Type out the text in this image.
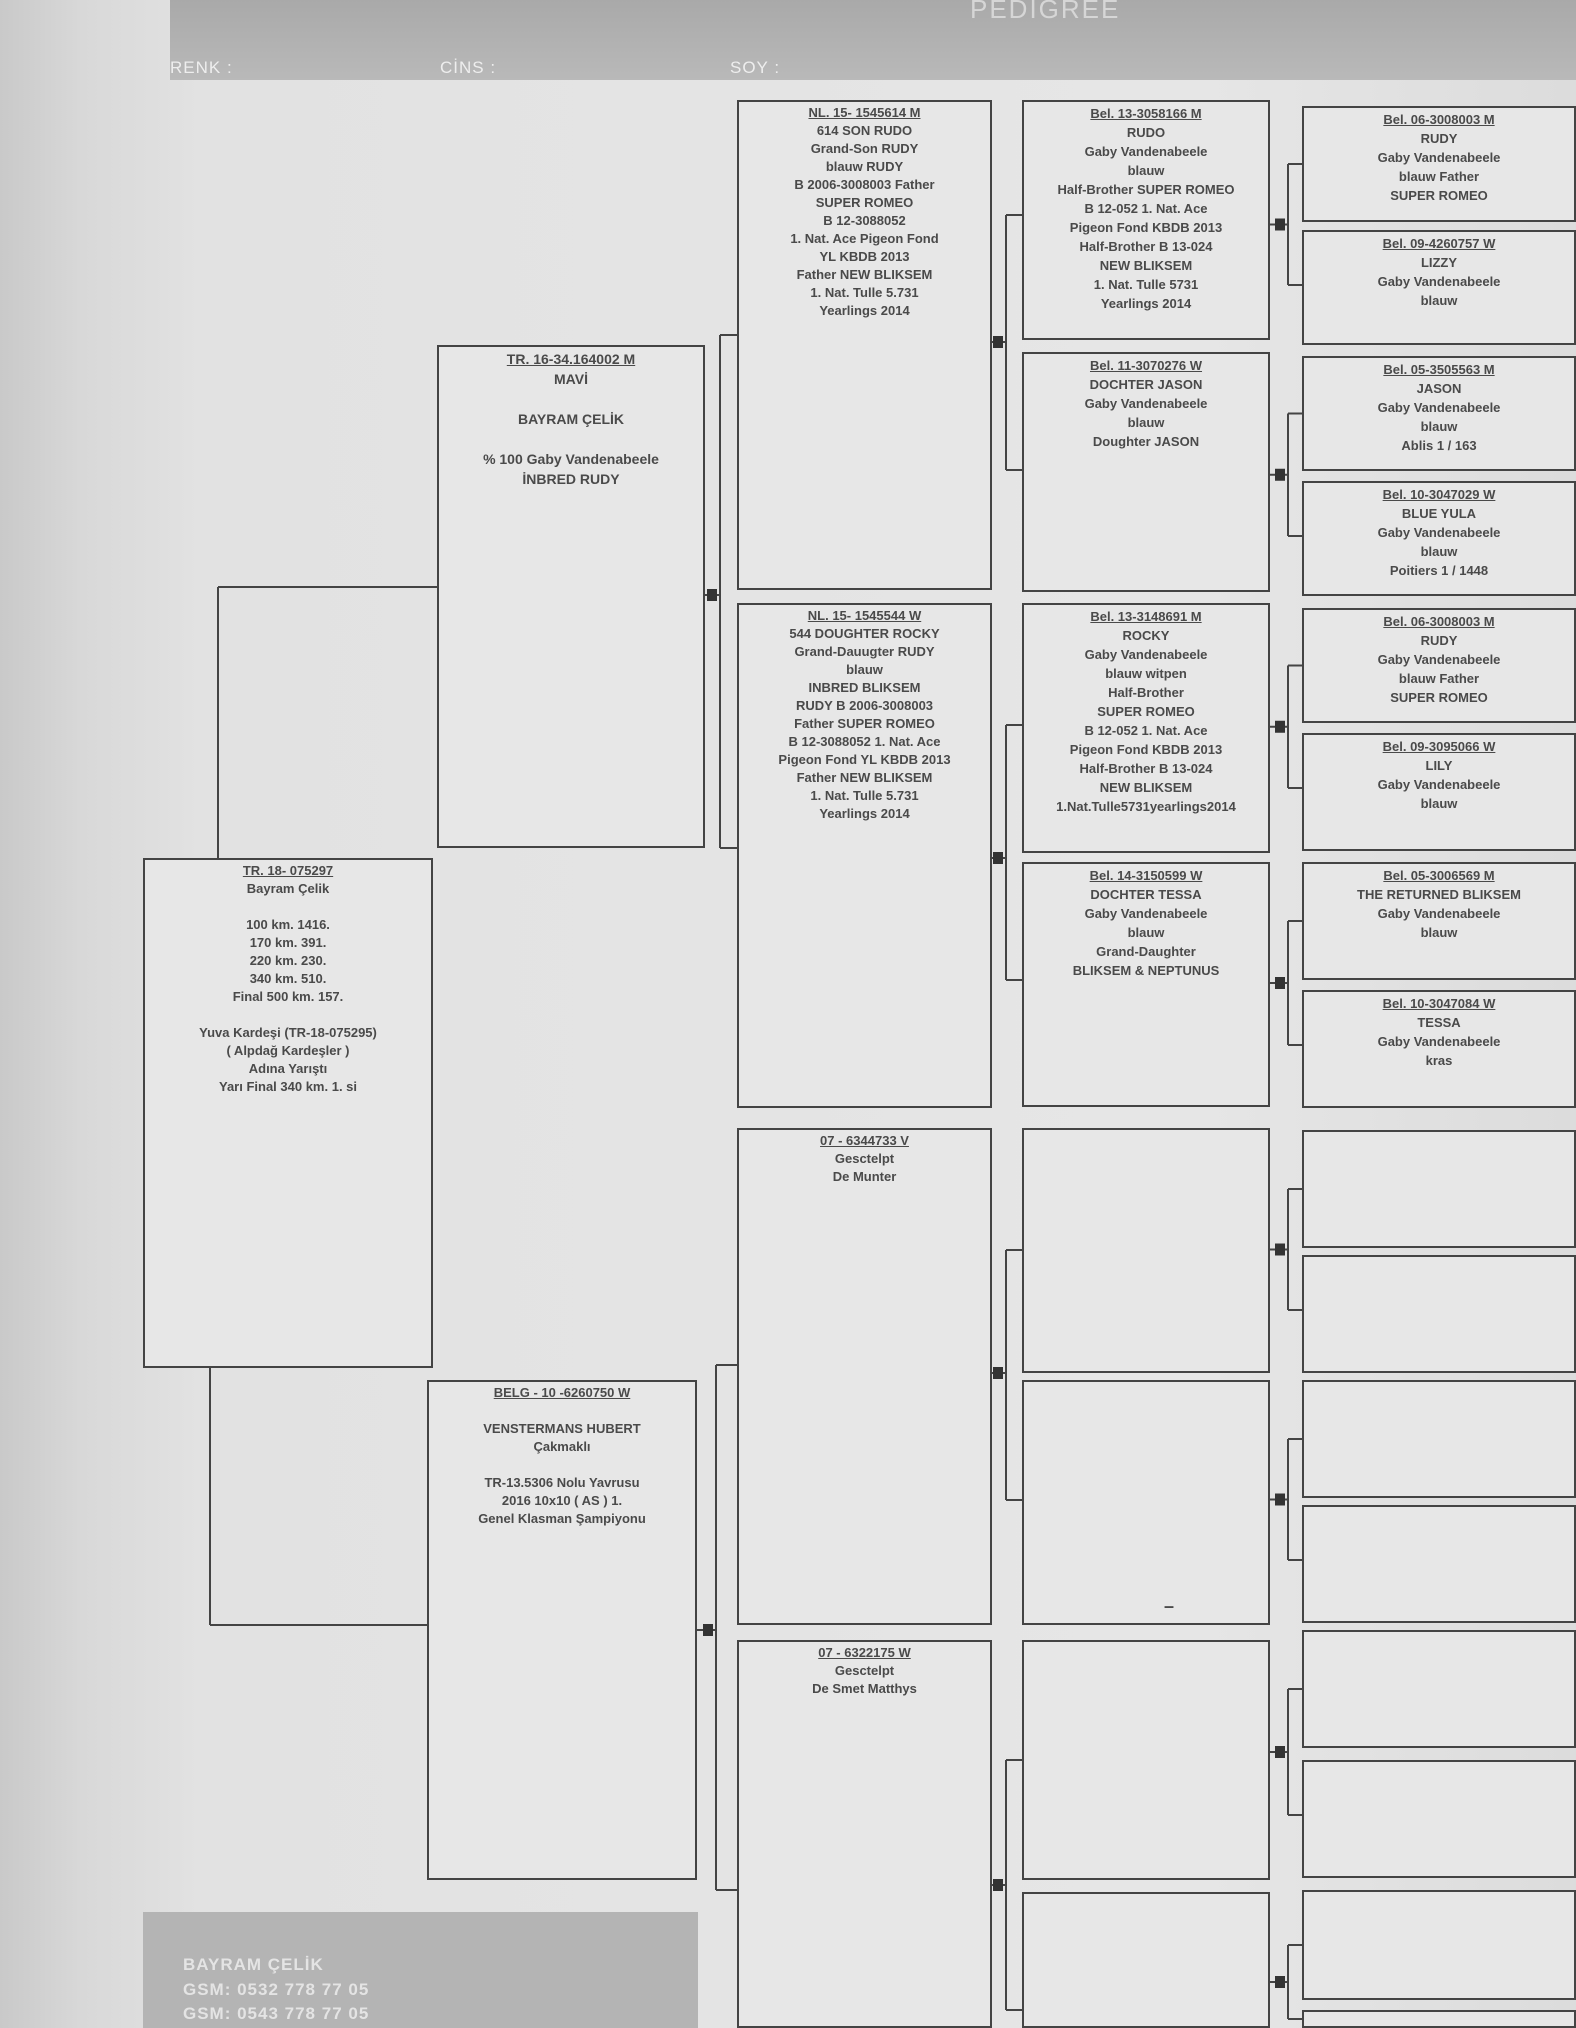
PEDIGREE
RENK :	CİNS :	SOY :
TR. 18- 075297
Bayram Çelik

100 km. 1416.
170 km. 391.
220 km. 230.
340 km. 510.
Final 500 km. 157.

Yuva Kardeşi (TR-18-075295)
( Alpdağ Kardeşler )
Adına Yarıştı
Yarı Final 340 km. 1. si
TR. 16-34.164002 M
MAVİ

BAYRAM ÇELİK

% 100 Gaby Vandenabeele
İNBRED RUDY
BELG - 10 -6260750 W

VENSTERMANS HUBERT
Çakmaklı

TR-13.5306 Nolu Yavrusu
2016 10x10 ( AS ) 1.
Genel Klasman Şampiyonu
NL. 15- 1545614 M
614 SON RUDO
Grand-Son RUDY
blauw RUDY
B 2006-3008003 Father
SUPER ROMEO
B 12-3088052
1. Nat. Ace Pigeon Fond
YL KBDB 2013
Father NEW BLIKSEM
1. Nat. Tulle 5.731
Yearlings 2014
NL. 15- 1545544 W
544 DOUGHTER ROCKY
Grand-Dauugter RUDY
blauw
INBRED BLIKSEM
RUDY B 2006-3008003
Father SUPER ROMEO
B 12-3088052 1. Nat. Ace
Pigeon Fond YL KBDB 2013
Father NEW BLIKSEM
1. Nat. Tulle 5.731
Yearlings 2014
07 - 6344733 V
Gesctelpt
De Munter
07 - 6322175 W
Gesctelpt
De Smet Matthys
Bel. 13-3058166 M
RUDO
Gaby Vandenabeele
blauw
Half-Brother SUPER ROMEO
B 12-052 1. Nat. Ace
Pigeon Fond KBDB 2013
Half-Brother B 13-024
NEW BLIKSEM
1. Nat. Tulle 5731
Yearlings 2014
Bel. 11-3070276 W
DOCHTER JASON
Gaby Vandenabeele
blauw
Doughter JASON
Bel. 13-3148691 M
ROCKY
Gaby Vandenabeele
blauw witpen
Half-Brother
SUPER ROMEO
B 12-052 1. Nat. Ace
Pigeon Fond KBDB 2013
Half-Brother B 13-024
NEW BLIKSEM
1.Nat.Tulle5731yearlings2014
Bel. 14-3150599 W
DOCHTER TESSA
Gaby Vandenabeele
blauw
Grand-Daughter
BLIKSEM & NEPTUNUS
–
Bel. 06-3008003 M
RUDY
Gaby Vandenabeele
blauw Father
SUPER ROMEO
Bel. 09-4260757 W
LIZZY
Gaby Vandenabeele
blauw
Bel. 05-3505563 M
JASON
Gaby Vandenabeele
blauw
Ablis 1 / 163
Bel. 10-3047029 W
BLUE YULA
Gaby Vandenabeele
blauw
Poitiers 1 / 1448
Bel. 06-3008003 M
RUDY
Gaby Vandenabeele
blauw Father
SUPER ROMEO
Bel. 09-3095066 W
LILY
Gaby Vandenabeele
blauw
Bel. 05-3006569 M
THE RETURNED BLIKSEM
Gaby Vandenabeele
blauw
Bel. 10-3047084 W
TESSA
Gaby Vandenabeele
kras
BAYRAM ÇELİK
GSM: 0532 778 77 05
GSM: 0543 778 77 05
